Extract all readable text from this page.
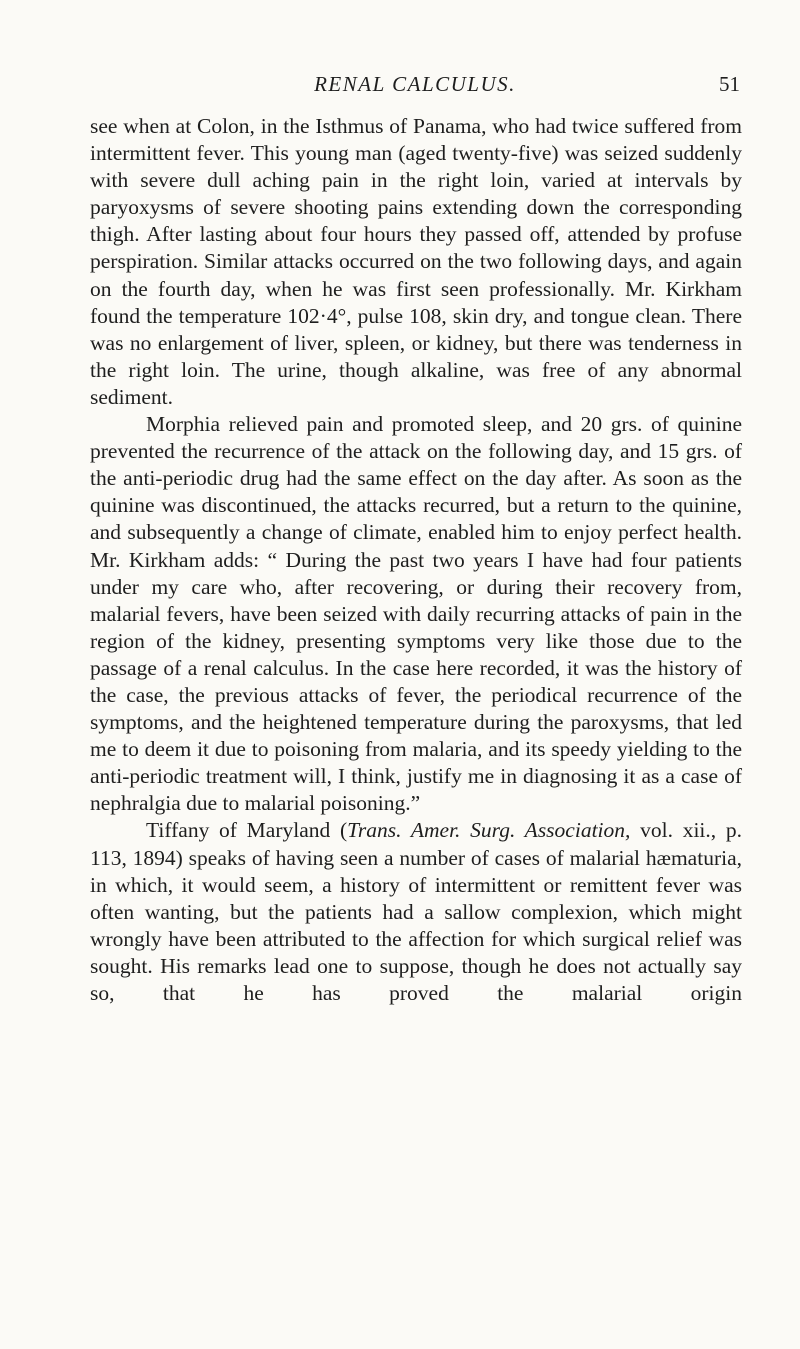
RENAL CALCULUS.	51

see when at Colon, in the Isthmus of Panama, who had twice suffered from intermittent fever. This young man (aged twenty-five) was seized suddenly with severe dull aching pain in the right loin, varied at intervals by paryoxysms of severe shooting pains extending down the corresponding thigh. After lasting about four hours they passed off, attended by profuse perspiration. Similar attacks occurred on the two following days, and again on the fourth day, when he was first seen professionally. Mr. Kirkham found the temperature 102·4°, pulse 108, skin dry, and tongue clean. There was no enlargement of liver, spleen, or kidney, but there was tenderness in the right loin. The urine, though alkaline, was free of any abnormal sediment.

Morphia relieved pain and promoted sleep, and 20 grs. of quinine prevented the recurrence of the attack on the following day, and 15 grs. of the anti-periodic drug had the same effect on the day after. As soon as the quinine was discontinued, the attacks recurred, but a return to the quinine, and subsequently a change of climate, enabled him to enjoy perfect health. Mr. Kirkham adds: “ During the past two years I have had four patients under my care who, after recovering, or during their recovery from, malarial fevers, have been seized with daily recurring attacks of pain in the region of the kidney, presenting symptoms very like those due to the passage of a renal calculus. In the case here recorded, it was the history of the case, the previous attacks of fever, the periodical recurrence of the symptoms, and the heightened temperature during the paroxysms, that led me to deem it due to poisoning from malaria, and its speedy yielding to the anti-periodic treatment will, I think, justify me in diagnosing it as a case of nephralgia due to malarial poisoning.”

Tiffany of Maryland (Trans. Amer. Surg. Association, vol. xii., p. 113, 1894) speaks of having seen a number of cases of malarial hæmaturia, in which, it would seem, a history of intermittent or remittent fever was often wanting, but the patients had a sallow complexion, which might wrongly have been attributed to the affection for which surgical relief was sought. His remarks lead one to suppose, though he does not actually say so, that he has proved the malarial origin
